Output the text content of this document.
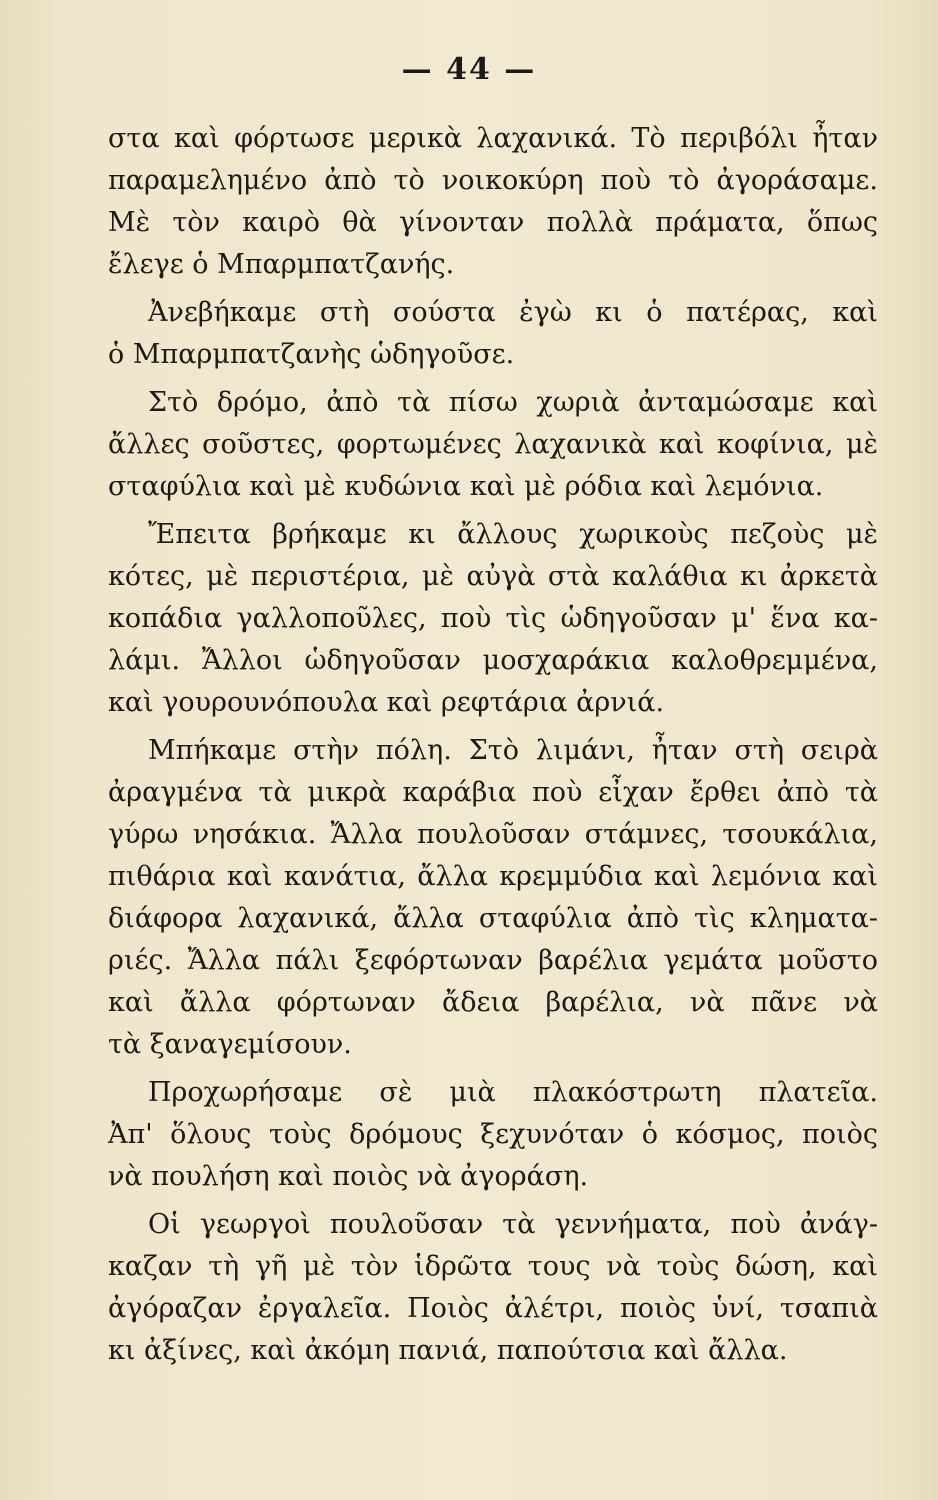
— 44 —
στα καὶ φόρτωσε μερικὰ λαχανικά. Τὸ περιβόλι ἦταν
παραμελημένο ἀπὸ τὸ νοικοκύρη ποὺ τὸ ἀγοράσαμε.
Μὲ τὸν καιρὸ θὰ γίνονταν πολλὰ πράματα, ὅπως
ἔλεγε ὁ Μπαρμπατζανής.
Ἀνεβήκαμε στὴ σούστα ἐγὼ κι ὁ πατέρας, καὶ
ὁ Μπαρμπατζανὴς ὡδηγοῦσε.
Στὸ δρόμο, ἀπὸ τὰ πίσω χωριὰ ἀνταμώσαμε καὶ
ἄλλες σοῦστες, φορτωμένες λαχανικὰ καὶ κοφίνια, μὲ
σταφύλια καὶ μὲ κυδώνια καὶ μὲ ρόδια καὶ λεμόνια.
Ἔπειτα βρήκαμε κι ἄλλους χωρικοὺς πεζοὺς μὲ
κότες, μὲ περιστέρια, μὲ αὐγὰ στὰ καλάθια κι ἀρκετὰ
κοπάδια γαλλοποῦλες, ποὺ τὶς ὡδηγοῦσαν μ' ἕνα κα-
λάμι. Ἄλλοι ὡδηγοῦσαν μοσχαράκια καλοθρεμμένα,
καὶ γουρουνόπουλα καὶ ρεφτάρια ἀρνιά.
Μπήκαμε στὴν πόλη. Στὸ λιμάνι, ἦταν στὴ σειρὰ
ἀραγμένα τὰ μικρὰ καράβια ποὺ εἶχαν ἔρθει ἀπὸ τὰ
γύρω νησάκια. Ἄλλα πουλοῦσαν στάμνες, τσουκάλια,
πιθάρια καὶ κανάτια, ἄλλα κρεμμύδια καὶ λεμόνια καὶ
διάφορα λαχανικά, ἄλλα σταφύλια ἀπὸ τὶς κληματα-
ριές. Ἄλλα πάλι ξεφόρτωναν βαρέλια γεμάτα μοῦστο
καὶ ἄλλα φόρτωναν ἄδεια βαρέλια, νὰ πᾶνε νὰ
τὰ ξαναγεμίσουν.
Προχωρήσαμε σὲ μιὰ πλακόστρωτη πλατεῖα.
Ἀπ' ὅλους τοὺς δρόμους ξεχυνόταν ὁ κόσμος, ποιὸς
νὰ πουλήση καὶ ποιὸς νὰ ἀγοράση.
Οἱ γεωργοὶ πουλοῦσαν τὰ γεννήματα, ποὺ ἀνάγ-
καζαν τὴ γῆ μὲ τὸν ἱδρῶτα τους νὰ τοὺς δώση, καὶ
ἀγόραζαν ἐργαλεῖα. Ποιὸς ἀλέτρι, ποιὸς ὑνί, τσαπιὰ
κι ἀξίνες, καὶ ἀκόμη πανιά, παπούτσια καὶ ἄλλα.
